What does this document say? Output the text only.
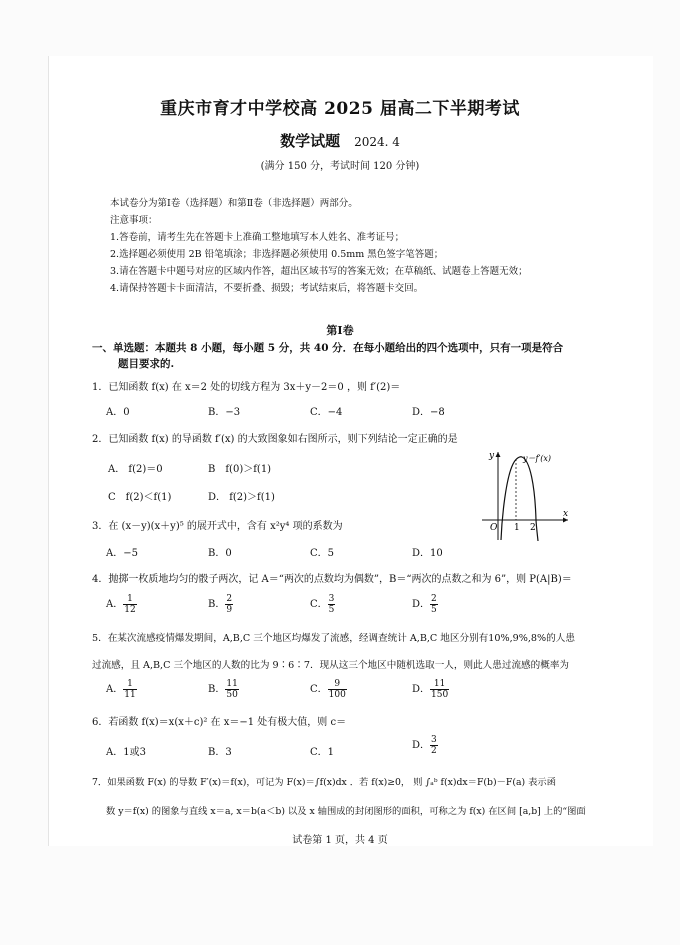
重庆市育才中学校高 2025 届高二下半期考试
数学试题 2024. 4
(满分 150 分，考试时间 120 分钟)
本试卷分为第Ⅰ卷（选择题）和第Ⅱ卷（非选择题）两部分。
注意事项：
1.答卷前，请考生先在答题卡上准确工整地填写本人姓名、准考证号；
2.选择题必须使用 2B 铅笔填涂；非选择题必须使用 0.5mm 黑色签字笔答题；
3.请在答题卡中题号对应的区域内作答，超出区域书写的答案无效；在草稿纸、试题卷上答题无效；
4.请保持答题卡卡面清洁，不要折叠、损毁；考试结束后，将答题卡交回。
第Ⅰ卷
一、单选题：本题共 8 小题，每小题 5 分，共 40 分．在每小题给出的四个选项中，只有一项是符合
题目要求的.
1．已知函数 f(x) 在 x＝2 处的切线方程为 3x＋y－2＝0 ，则 f′(2)＝
A．0	B．−3	C．−4	D．−8
2．已知函数 f(x) 的导函数 f′(x) 的大致图象如右图所示，则下列结论一定正确的是
A． f(2)＝0	B　f(0)＞f(1)
C　f(2)＜f(1)	D． f(2)＞f(1)
y
x
O 1 2
y＝f′(x)
3．在 (x－y)(x＋y)⁵ 的展开式中，含有 x²y⁴ 项的系数为
A．−5	B．0	C．5	D．10
4．抛掷一枚质地均匀的骰子两次，记 A＝“两次的点数均为偶数”，B＝“两次的点数之和为 6”，则 P(A|B)＝
A． $\frac{1}{12}$	B． $\frac{2}{9}$	C． $\frac{3}{5}$	D． $\frac{2}{5}$
5．在某次流感疫情爆发期间，A,B,C 三个地区均爆发了流感，经调查统计 A,B,C 地区分别有10%,9%,8%的人患
过流感，且 A,B,C 三个地区的人数的比为 9∶6∶7．现从这三个地区中随机选取一人，则此人患过流感的概率为
A． $\frac{1}{11}$	B． $\frac{11}{50}$	C． $\frac{9}{100}$	D． $\frac{11}{150}$
6．若函数 f(x)＝x(x＋c)² 在 x＝−1 处有极大值，则 c＝
A．1或3	B．3	C．1
D． $\frac{3}{2}$
7．如果函数 F(x) 的导数 F′(x)＝f(x)，可记为 F(x)＝∫f(x)dx ．若 f(x)≥0， 则 ∫ₐᵇ f(x)dx＝F(b)－F(a) 表示函
数 y＝f(x) 的图象与直线 x＝a, x＝b(a＜b) 以及 x 轴围成的封闭图形的面积，可称之为 f(x) 在区间 [a,b] 上的“图面
试卷第 1 页，共 4 页
